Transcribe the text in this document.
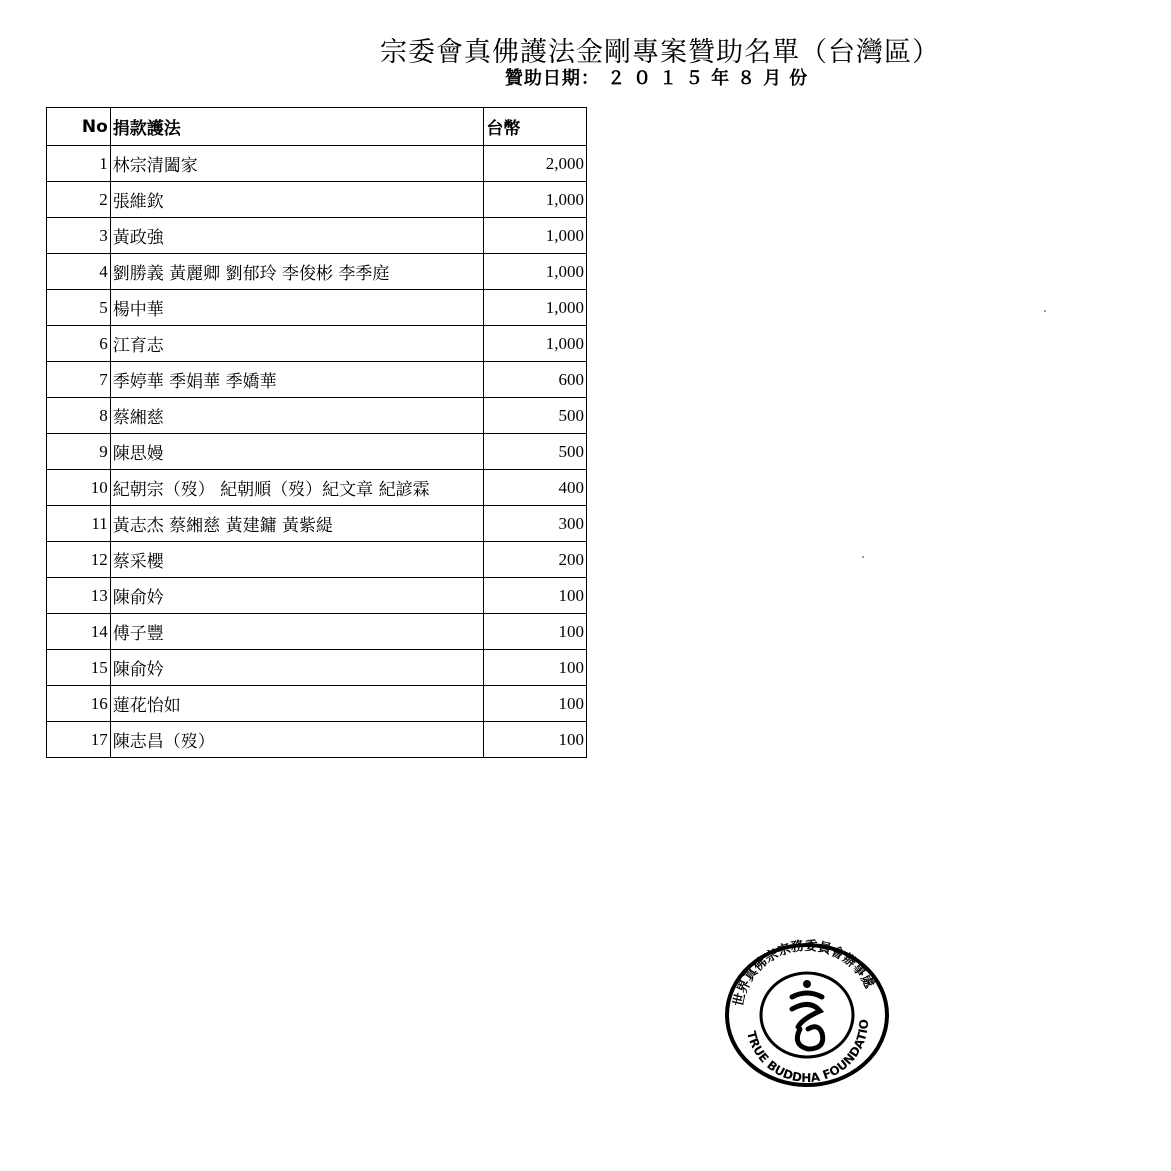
宗委會真佛護法金剛專案贊助名單（台灣區）
贊助日期： ２０１５年８月份
No	捐款護法	台幣
1	林宗清闔家	2,000
2	張維欽	1,000
3	黃政強	1,000
4	劉勝義 黃麗卿 劉郁玲 李俊彬 李季庭	1,000
5	楊中華	1,000
6	江育志	1,000
7	季婷華 季娟華 季嬌華	600
8	蔡緗慈	500
9	陳思嫚	500
10	紀朝宗（歿） 紀朝順（歿）紀文章 紀諺霖	400
11	黃志杰 蔡緗慈 黃建鏞 黃紫緹	300
12	蔡采櫻	200
13	陳俞妗	100
14	傅子豐	100
15	陳俞妗	100
16	蓮花怡如	100
17	陳志昌（歿）	100
世界真佛宗宗務委員會辦事處
TRUE BUDDHA FOUNDATIO
